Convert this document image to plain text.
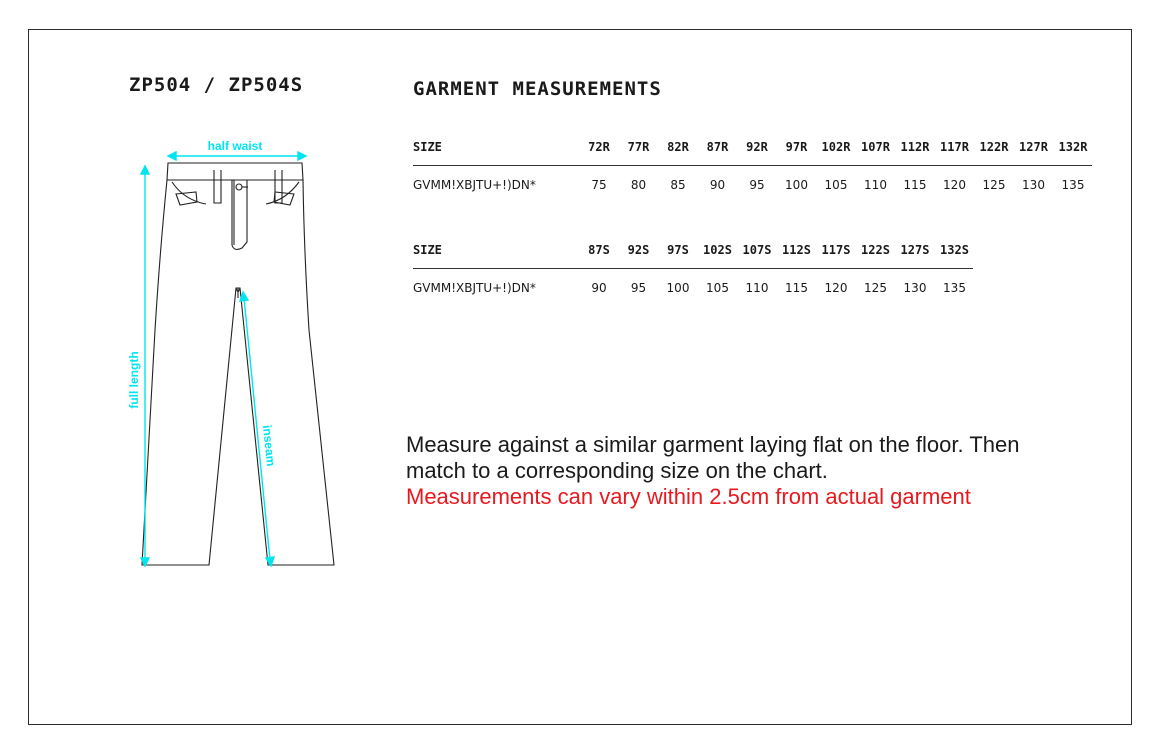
ZP504 / ZP504S	GARMENT MEASUREMENTS
half waist
full length
inseam
SIZE	72R	77R	82R	87R	92R	97R	102R 107R 112R 117R 122R 127R 132R
GVMM!XBJTU+!)DN*	75	80	85	90	95	100	105	110	115	120	125	130	135
SIZE	87S	92S	97S	102S 107S 112S 117S 122S 127S 132S
GVMM!XBJTU+!)DN*	90	95	100	105	110	115	120	125	130	135
Measure against a similar garment laying flat on the floor. Then
match to a corresponding size on the chart.
Measurements can vary within 2.5cm from actual garment
